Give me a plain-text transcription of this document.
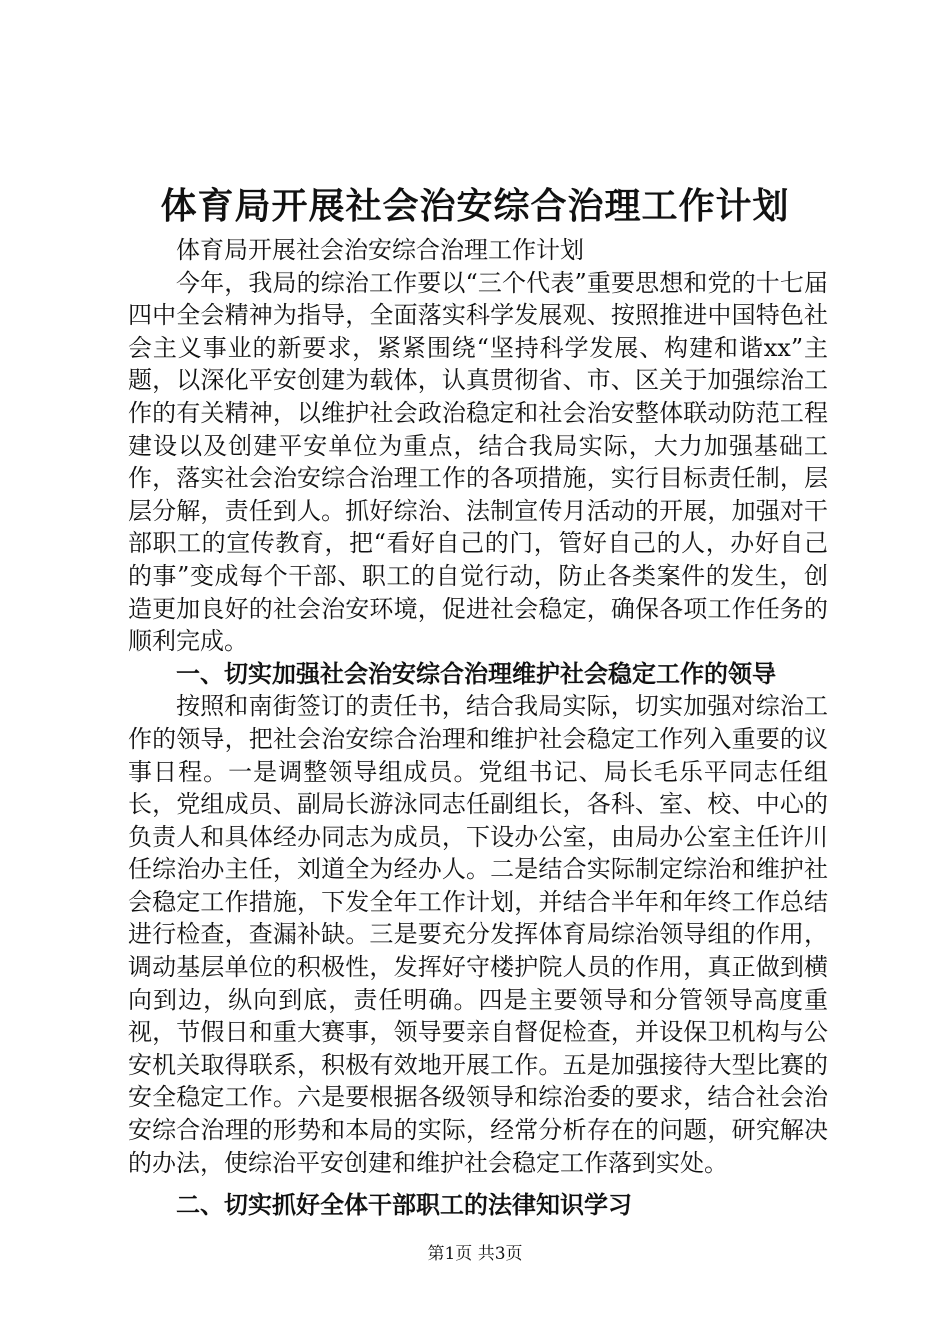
体育局开展社会治安综合治理工作计划

体育局开展社会治安综合治理工作计划

今年，我局的综治工作要以“三个代表”重要思想和党的十七届四中全会精神为指导，全面落实科学发展观、按照推进中国特色社会主义事业的新要求，紧紧围绕“坚持科学发展、构建和谐xx”主题，以深化平安创建为载体，认真贯彻省、市、区关于加强综治工作的有关精神，以维护社会政治稳定和社会治安整体联动防范工程建设以及创建平安单位为重点，结合我局实际，大力加强基础工作，落实社会治安综合治理工作的各项措施，实行目标责任制，层层分解，责任到人。抓好综治、法制宣传月活动的开展，加强对干部职工的宣传教育，把“看好自己的门，管好自己的人，办好自己的事”变成每个干部、职工的自觉行动，防止各类案件的发生，创造更加良好的社会治安环境，促进社会稳定，确保各项工作任务的顺利完成。

一、切实加强社会治安综合治理维护社会稳定工作的领导

按照和南街签订的责任书，结合我局实际，切实加强对综治工作的领导，把社会治安综合治理和维护社会稳定工作列入重要的议事日程。一是调整领导组成员。党组书记、局长毛乐平同志任组长，党组成员、副局长游泳同志任副组长，各科、室、校、中心的负责人和具体经办同志为成员，下设办公室，由局办公室主任许川任综治办主任，刘道全为经办人。二是结合实际制定综治和维护社会稳定工作措施，下发全年工作计划，并结合半年和年终工作总结进行检查，查漏补缺。三是要充分发挥体育局综治领导组的作用，调动基层单位的积极性，发挥好守楼护院人员的作用，真正做到横向到边，纵向到底，责任明确。四是主要领导和分管领导高度重视，节假日和重大赛事，领导要亲自督促检查，并设保卫机构与公安机关取得联系，积极有效地开展工作。五是加强接待大型比赛的安全稳定工作。六是要根据各级领导和综治委的要求，结合社会治安综合治理的形势和本局的实际，经常分析存在的问题，研究解决的办法，使综治平安创建和维护社会稳定工作落到实处。

二、切实抓好全体干部职工的法律知识学习

第1页 共3页
